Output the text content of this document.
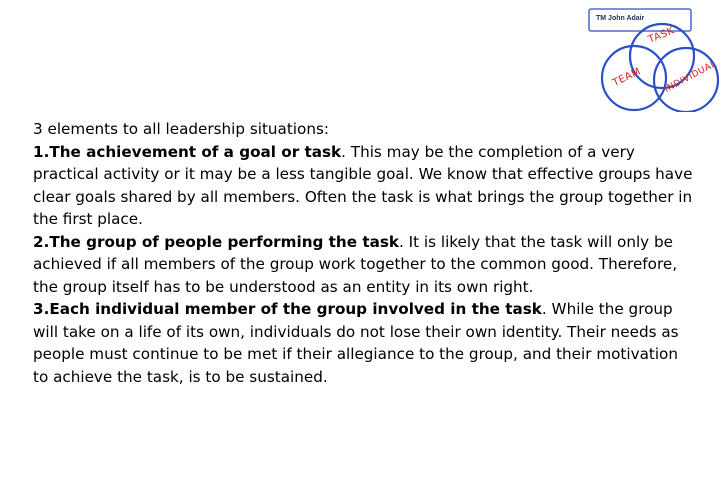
TM John Adair
TASK
TEAM INDIVIDUAL

3 elements to all leadership situations:

1.The achievement of a goal or task. This may be the completion of a very practical activity or it may be a less tangible goal. We know that effective groups have clear goals shared by all members. Often the task is what brings the group together in the first place.

2.The group of people performing the task. It is likely that the task will only be achieved if all members of the group work together to the common good. Therefore, the group itself has to be understood as an entity in its own right.

3.Each individual member of the group involved in the task. While the group will take on a life of its own, individuals do not lose their own identity. Their needs as people must continue to be met if their allegiance to the group, and their motivation to achieve the task, is to be sustained.
